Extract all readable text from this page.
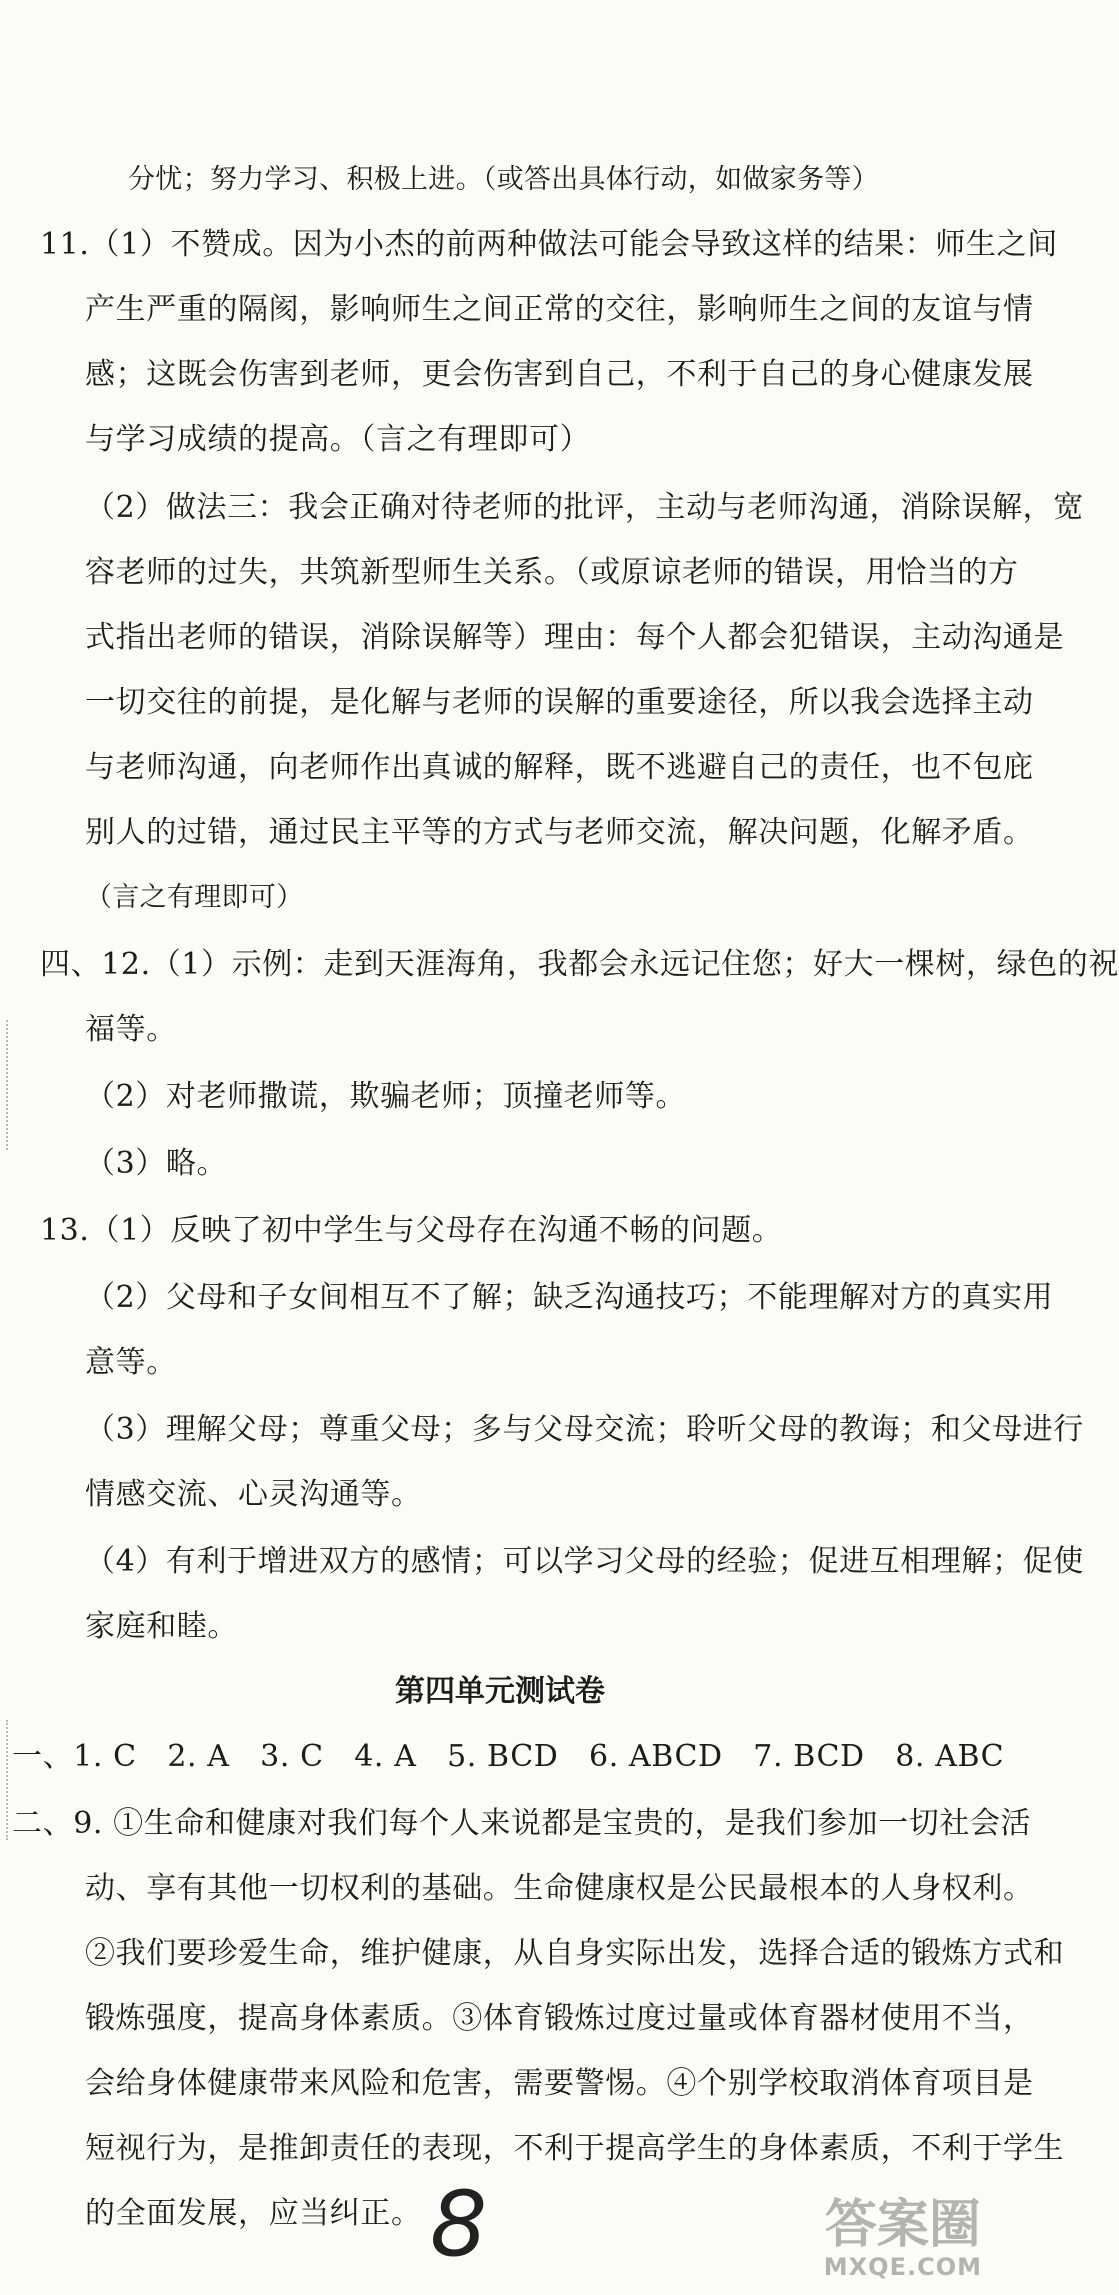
分忧；努力学习、积极上进。（或答出具体行动，如做家务等）
11.（1）不赞成。因为小杰的前两种做法可能会导致这样的结果：师生之间
产生严重的隔阂，影响师生之间正常的交往，影响师生之间的友谊与情
感；这既会伤害到老师，更会伤害到自己，不利于自己的身心健康发展
与学习成绩的提高。（言之有理即可）
（2）做法三：我会正确对待老师的批评，主动与老师沟通，消除误解，宽
容老师的过失，共筑新型师生关系。（或原谅老师的错误，用恰当的方
式指出老师的错误，消除误解等）理由：每个人都会犯错误，主动沟通是
一切交往的前提，是化解与老师的误解的重要途径，所以我会选择主动
与老师沟通，向老师作出真诚的解释，既不逃避自己的责任，也不包庇
别人的过错，通过民主平等的方式与老师交流，解决问题，化解矛盾。
（言之有理即可）
四、12.（1）示例：走到天涯海角，我都会永远记住您；好大一棵树，绿色的祝
福等。
（2）对老师撒谎，欺骗老师；顶撞老师等。
（3）略。
13.（1）反映了初中学生与父母存在沟通不畅的问题。
（2）父母和子女间相互不了解；缺乏沟通技巧；不能理解对方的真实用
意等。
（3）理解父母；尊重父母；多与父母交流；聆听父母的教诲；和父母进行
情感交流、心灵沟通等。
（4）有利于增进双方的感情；可以学习父母的经验；促进互相理解；促使
家庭和睦。
一、1. C　2. A　3. C　4. A　5. BCD　6. ABCD　7. BCD　8. ABC
二、9. ①生命和健康对我们每个人来说都是宝贵的，是我们参加一切社会活
动、享有其他一切权利的基础。生命健康权是公民最根本的人身权利。
②我们要珍爱生命，维护健康，从自身实际出发，选择合适的锻炼方式和
锻炼强度，提高身体素质。③体育锻炼过度过量或体育器材使用不当，
会给身体健康带来风险和危害，需要警惕。④个别学校取消体育项目是
短视行为，是推卸责任的表现，不利于提高学生的身体素质，不利于学生
的全面发展，应当纠正。
第四单元测试卷
8	答案圈
MXQE.COM
